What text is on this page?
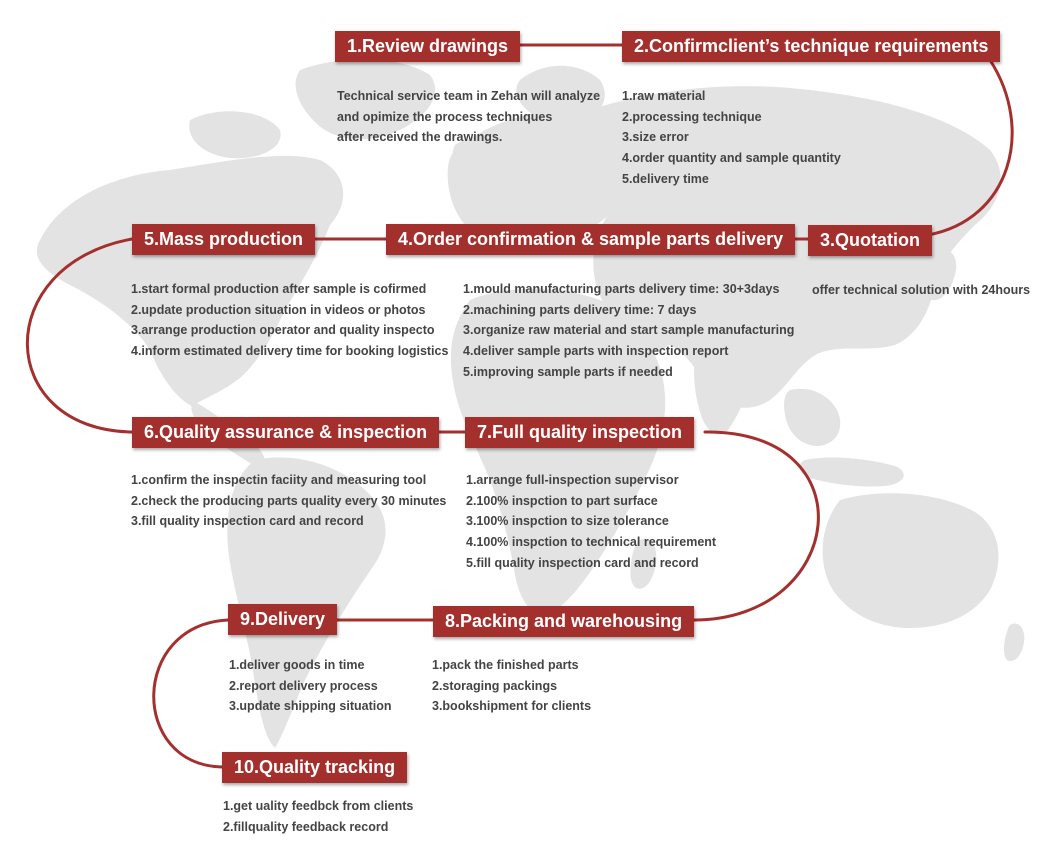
1.Review drawings
Technical service team in Zehan will analyze
and opimize the process techniques
after received the drawings.
2.Confirmclient’s technique requirements
1.raw material
2.processing technique
3.size error
4.order quantity and sample quantity
5.delivery time
3.Quotation
offer technical solution with 24hours
4.Order confirmation & sample parts delivery
1.mould manufacturing parts delivery time: 30+3days
2.machining parts delivery time: 7 days
3.organize raw material and start sample manufacturing
4.deliver sample parts with inspection report
5.improving sample parts if needed
5.Mass production
1.start formal production after sample is cofirmed
2.update production situation in videos or photos
3.arrange production operator and quality inspecto
4.inform estimated delivery time for booking logistics
6.Quality assurance & inspection
1.confirm the inspectin faciity and measuring tool
2.check the producing parts quality every 30 minutes
3.fill quality inspection card and record
7.Full quality inspection
1.arrange full-inspection supervisor
2.100% inspction to part surface
3.100% inspction to size tolerance
4.100% inspction to technical requirement
5.fill quality inspection card and record
8.Packing and warehousing
1.pack the finished parts
2.storaging packings
3.bookshipment for clients
9.Delivery
1.deliver goods in time
2.report delivery process
3.update shipping situation
10.Quality tracking
1.get uality feedbck from clients
2.fillquality feedback record
